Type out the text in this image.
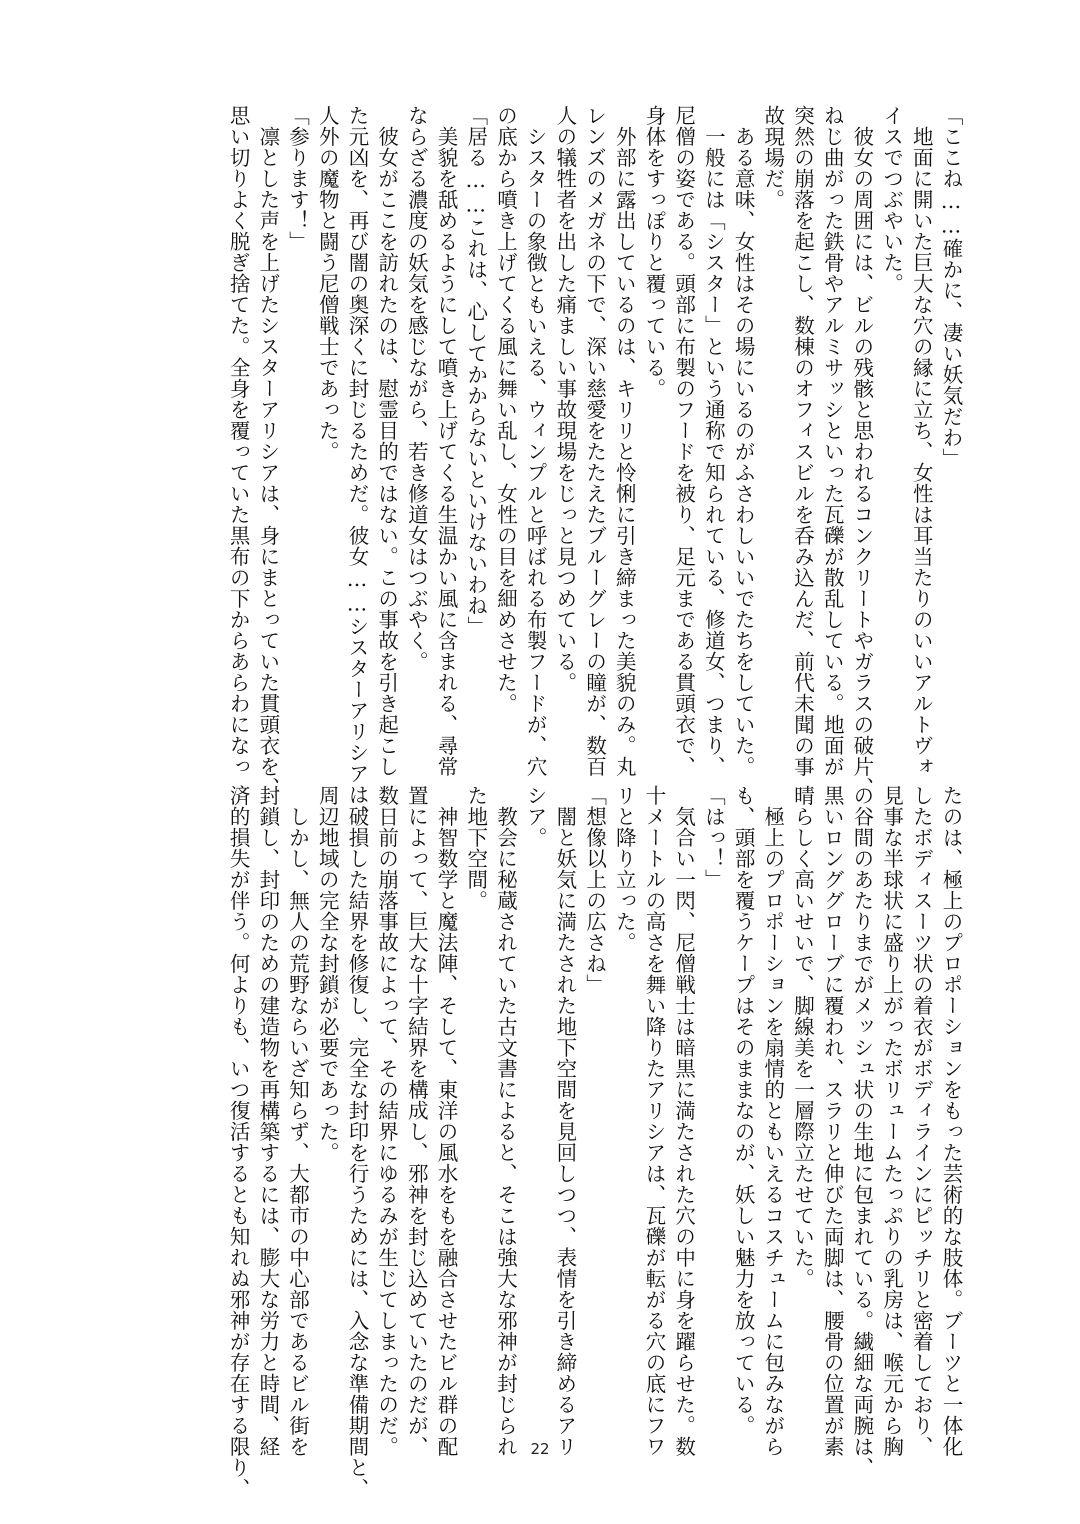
「ここね……確かに、凄い妖気だわ」
　地面に開いた巨大な穴の縁に立ち、女性は耳当たりのいいアルトヴォ
イスでつぶやいた。
　彼女の周囲には、ビルの残骸と思われるコンクリートやガラスの破片、
ねじ曲がった鉄骨やアルミサッシといった瓦礫が散乱している。地面が
突然の崩落を起こし、数棟のオフィスビルを呑み込んだ、前代未聞の事
故現場だ。
　ある意味、女性はその場にいるのがふさわしいいでたちをしていた。
　一般には「シスター」という通称で知られている、修道女、つまり、
尼僧の姿である。頭部に布製のフードを被り、足元まである貫頭衣で、
身体をすっぽりと覆っている。
　外部に露出しているのは、キリリと怜悧に引き締まった美貌のみ。丸
レンズのメガネの下で、深い慈愛をたたえたブルーグレーの瞳が、数百
人の犠牲者を出した痛ましい事故現場をじっと見つめている。
　シスターの象徴ともいえる、ウィンプルと呼ばれる布製フードが、穴
の底から噴き上げてくる風に舞い乱し、女性の目を細めさせた。
「居る……これは、心してかからないといけないわね」
　美貌を舐めるようにして噴き上げてくる生温かい風に含まれる、尋常
ならざる濃度の妖気を感じながら、若き修道女はつぶやく。
　彼女がここを訪れたのは、慰霊目的ではない。この事故を引き起こし
た元凶を、再び闇の奥深くに封じるためだ。彼女……シスターアリシアは、
人外の魔物と闘う尼僧戦士であった。
「参ります！」
　凛とした声を上げたシスターアリシアは、身にまとっていた貫頭衣を、
思い切りよく脱ぎ捨てた。全身を覆っていた黒布の下からあらわになっ
たのは、極上のプロポーションをもった芸術的な肢体。ブーツと一体化
したボディスーツ状の着衣がボディラインにピッチリと密着しており、
見事な半球状に盛り上がったボリュームたっぷりの乳房は、喉元から胸
の谷間のあたりまでがメッシュ状の生地に包まれている。繊細な両腕は、
黒いロンググローブに覆われ、スラリと伸びた両脚は、腰骨の位置が素
晴らしく高いせいで、脚線美を一層際立たせていた。
　極上のプロポーションを扇情的ともいえるコスチュームに包みながら
も、頭部を覆うケープはそのままなのが、妖しい魅力を放っている。
「はっ！」
　気合い一閃、尼僧戦士は暗黒に満たされた穴の中に身を躍らせた。数
十メートルの高さを舞い降りたアリシアは、瓦礫が転がる穴の底にフワ
リと降り立った。
「想像以上の広さね」
　闇と妖気に満たされた地下空間を見回しつつ、表情を引き締めるアリ
シア。
　教会に秘蔵されていた古文書によると、そこは強大な邪神が封じられ
た地下空間。
　神智数学と魔法陣、そして、東洋の風水をもを融合させたビル群の配
置によって、巨大な十字結界を構成し、邪神を封じ込めていたのだが、
数日前の崩落事故によって、その結界にゆるみが生じてしまったのだ。
　破損した結界を修復し、完全な封印を行うためには、入念な準備期間と、
周辺地域の完全な封鎖が必要であった。
　しかし、無人の荒野ならいざ知らず、大都市の中心部であるビル街を
封鎖し、封印のための建造物を再構築するには、膨大な労力と時間、経
済的損失が伴う。何よりも、いつ復活するとも知れぬ邪神が存在する限り、	22
